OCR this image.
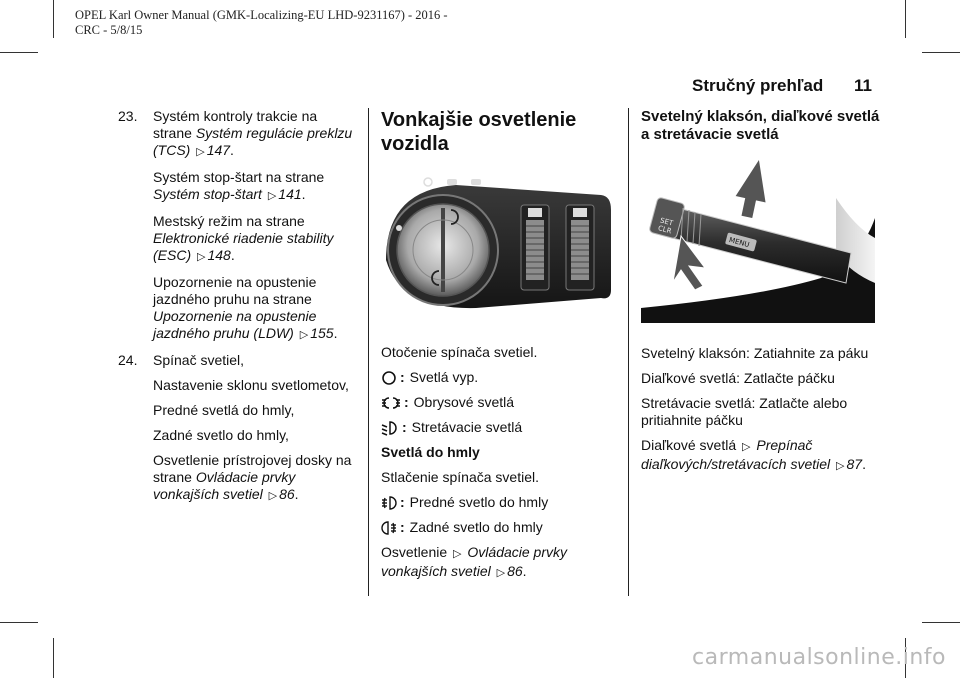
OPEL Karl Owner Manual (GMK-Localizing-EU LHD-9231167) - 2016 -
CRC - 5/8/15
Stručný prehľad 11
23. Systém kontroly trakcie na strane Systém regulácie preklzu (TCS) ▷ 147.
Systém stop-štart na strane Systém stop-štart ▷ 141.
Mestský režim na strane Elektronické riadenie stability (ESC) ▷ 148.
Upozornenie na opustenie jazdného pruhu na strane Upozornenie na opustenie jazdného pruhu (LDW) ▷ 155.
24. Spínač svetiel,
Nastavenie sklonu svetlometov,
Predné svetlá do hmly,
Zadné svetlo do hmly,
Osvetlenie prístrojovej dosky na strane Ovládacie prvky vonkajších svetiel ▷ 86.
Vonkajšie osvetlenie vozidla
Otočenie spínača svetiel.
: Svetlá vyp.
: Obrysové svetlá
: Stretávacie svetlá
Svetlá do hmly
Stlačenie spínača svetiel.
: Predné svetlo do hmly
: Zadné svetlo do hmly
Osvetlenie ▷ Ovládacie prvky vonkajších svetiel ▷ 86.
Svetelný klaksón, diaľkové svetlá a stretávacie svetlá
SET
CLR
MENU
Svetelný klaksón: Zatiahnite za páku
Diaľkové svetlá: Zatlačte páčku
Stretávacie svetlá: Zatlačte alebo pritiahnite páčku
Diaľkové svetlá ▷ Prepínač diaľkových/stretávacích svetiel ▷ 87.
carmanualsonline.info
